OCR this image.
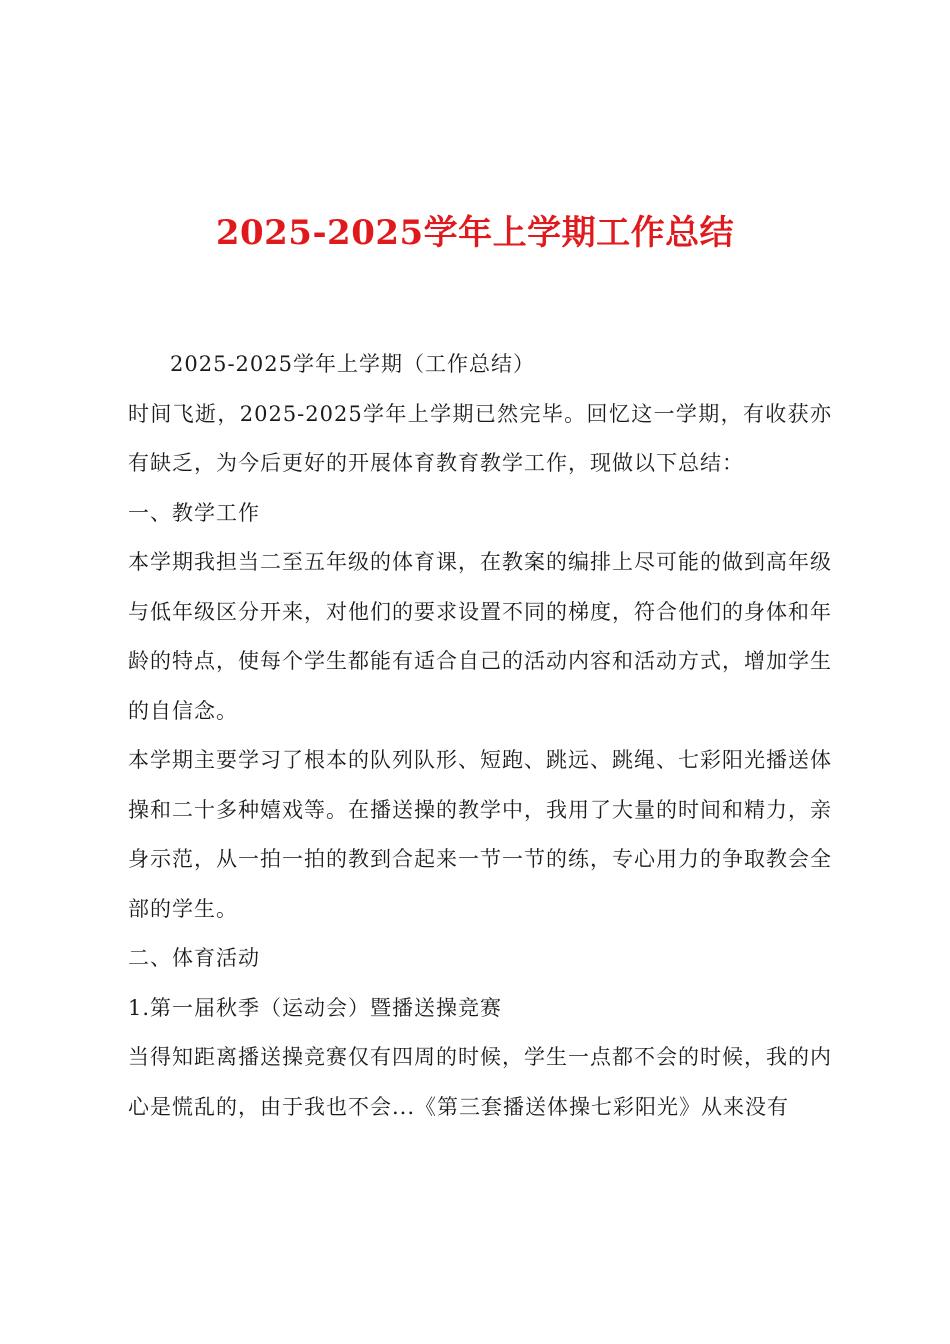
2025-2025学年上学期工作总结

2025-2025学年上学期（工作总结）

时间飞逝，2025-2025学年上学期已然完毕。回忆这一学期，有收获亦有缺乏，为今后更好的开展体育教育教学工作，现做以下总结：

一、教学工作

本学期我担当二至五年级的体育课，在教案的编排上尽可能的做到高年级与低年级区分开来，对他们的要求设置不同的梯度，符合他们的身体和年龄的特点，使每个学生都能有适合自己的活动内容和活动方式，增加学生的自信念。

本学期主要学习了根本的队列队形、短跑、跳远、跳绳、七彩阳光播送体操和二十多种嬉戏等。在播送操的教学中，我用了大量的时间和精力，亲身示范，从一拍一拍的教到合起来一节一节的练，专心用力的争取教会全部的学生。

二、体育活动

1.第一届秋季（运动会）暨播送操竞赛

当得知距离播送操竞赛仅有四周的时候，学生一点都不会的时候，我的内心是慌乱的，由于我也不会...《第三套播送体操七彩阳光》从来没有
